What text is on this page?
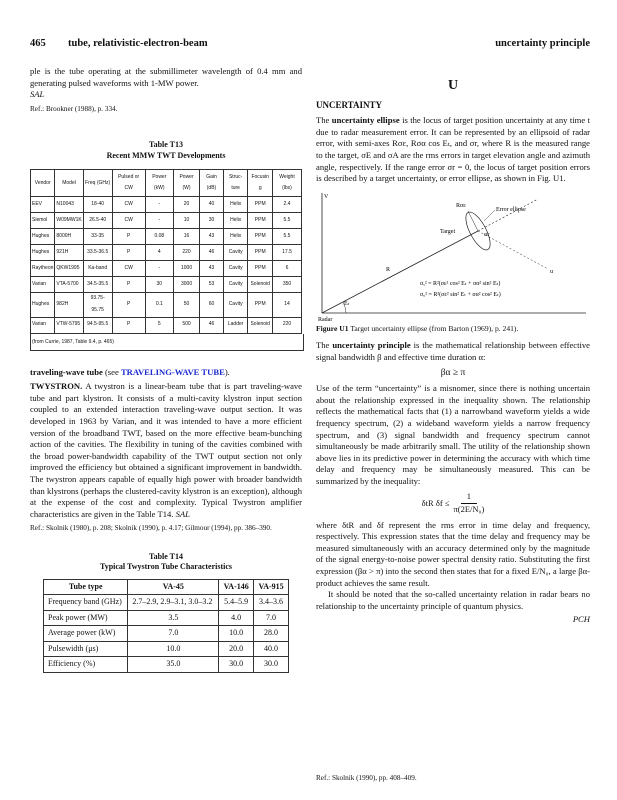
465 tube, relativistic-electron-beam	uncertainty principle

ple is the tube operating at the submillimeter wavelength of 0.4 mm and generating pulsed waveforms with 1-MW power.

SAL

Ref.: Brookner (1988), p. 334.

Table T13
Recent MMW TWT Developments
Vendor	Model	Freq (GHz)	Pulsed or CW	Power (kW)	Power (W)	Gain (dB)	Struc-ture	Focusin g	Weight (lbs)
EEV	N10043	18-40	CW	-	20	40	Helix	PPM	2.4
Siemol	W09MW1K	26.5-40	CW	-	10	30	Helix	PPM	5.5
Hughes	8000H	33-35	P	0.08	16	43	Helix	PPM	5.5
Hughes	921H	33.5-36.5	P	4	220	46	Cavity	PPM	17.5
Raytheon	QKW1995	Ka-band	CW	-	1000	43	Cavity	PPM	6
Varian	VTA-5700	34.5-35.5	P	30	3000	53	Cavity	Solenoid	350
Hughes	982H	93.75-95.75	P	0.1	50	60	Cavity	PPM	14
Varian	VTW-5795	94.5-95.5	P	5	500	46	Ladder	Solenoid	220
(from Currie, 1987, Table 9.4, p. 465)

traveling-wave tube (see TRAVELING-WAVE TUBE).

TWYSTRON. A twystron is a linear-beam tube that is part traveling-wave tube and part klystron. It consists of a multi-cavity klystron input section coupled to an extended interaction traveling-wave output section. It was developed in 1963 by Varian, and it was intended to have a more efficient version of the broadband TWT, based on the more effective beam-bunching action of the cavities. The flexibility in tuning of the cavities combined with the broad power-bandwidth capability of the TWT output section not only improved the efficiency but obtained a significant improvement in bandwidth. The twystron appears capable of equally high power with broader bandwidth than klystrons (perhaps the clustered-cavity klystron is an exception), although at the expense of the cost and complexity. Typical Twystron amplifier characteristics are given in the Table T14. SAL

Ref.: Skolnik (1980), p. 208; Skolnik (1990), p. 4.17; Gilmour (1994), pp. 386–390.

Table T14
Typical Twystron Tube Characteristics
Tube type	VA-45	VA-146	VA-915
Frequency band (GHz)	2.7–2.9, 2.9–3.1, 3.0–3.2	5.4–5.9	3.4–3.6
Peak power (MW)	3.5	4.0	7.0
Average power (kW)	7.0	10.0	28.0
Pulsewidth (μs)	10.0	20.0	40.0
Efficiency (%)	35.0	30.0	30.0
U
UNCERTAINTY

The uncertainty ellipse is the locus of target position uncertainty at any time t due to radar measurement error. It can be represented by an ellipsoid of radar error, with semi-axes Rσε, Rσα cos Eₜ, and σr, where R is the measured range to the target, σE and σA are the rms errors in target elevation angle and azimuth angle, respectively. If the range error σr = 0, the locus of target position errors is described by a target uncertainty, or error ellipse, as shown in Fig. U1.

V
Rσε
Error ellipse
Target	σr
R
Eₜ
Radar
u
σᵧ² = R²(σε² cos² Eₜ + σα² sin² Eₜ)
σᵤ² = R²(σε² sin² Eₜ + σα² cos² Eₜ)

Figure U1 Target uncertainty ellipse (from Barton (1969), p. 241).

The uncertainty principle is the mathematical relationship between effective signal bandwidth β and effective time duration α:

βα ≥ π

Use of the term “uncertainty” is a misnomer, since there is nothing uncertain about the relationship expressed in the inequality shown. The relationship reflects the mathematical facts that (1) a narrowband waveform yields a wide frequency spectrum, (2) a wideband waveform yields a narrow frequency spectrum, and (3) signal bandwidth and frequency spectrum cannot simultaneously be made arbitrarily small. The utility of the relationship shown above lies in its predictive power in determining the accuracy with which time delay and frequency may be simultaneously measured. This can be summarized by the inequality:

δtR $\delta f \le \frac{1}{\text{π(2E/N₀)}}$

where δtR and δf represent the rms error in time delay and frequency, respectively. This expression states that the time delay and frequency may be measured simultaneously with an accuracy determined only by the magnitude of the signal energy-to-noise power spectral density ratio. Substituting the first expression (βα > π) into the second then states that for a fixed E/N₀, a large βα-product achieves the same result.

It should be noted that the so-called uncertainty relation in radar bears no relationship to the uncertainty principle of quantum physics.

PCH

Ref.: Skolnik (1990), pp. 408–409.
